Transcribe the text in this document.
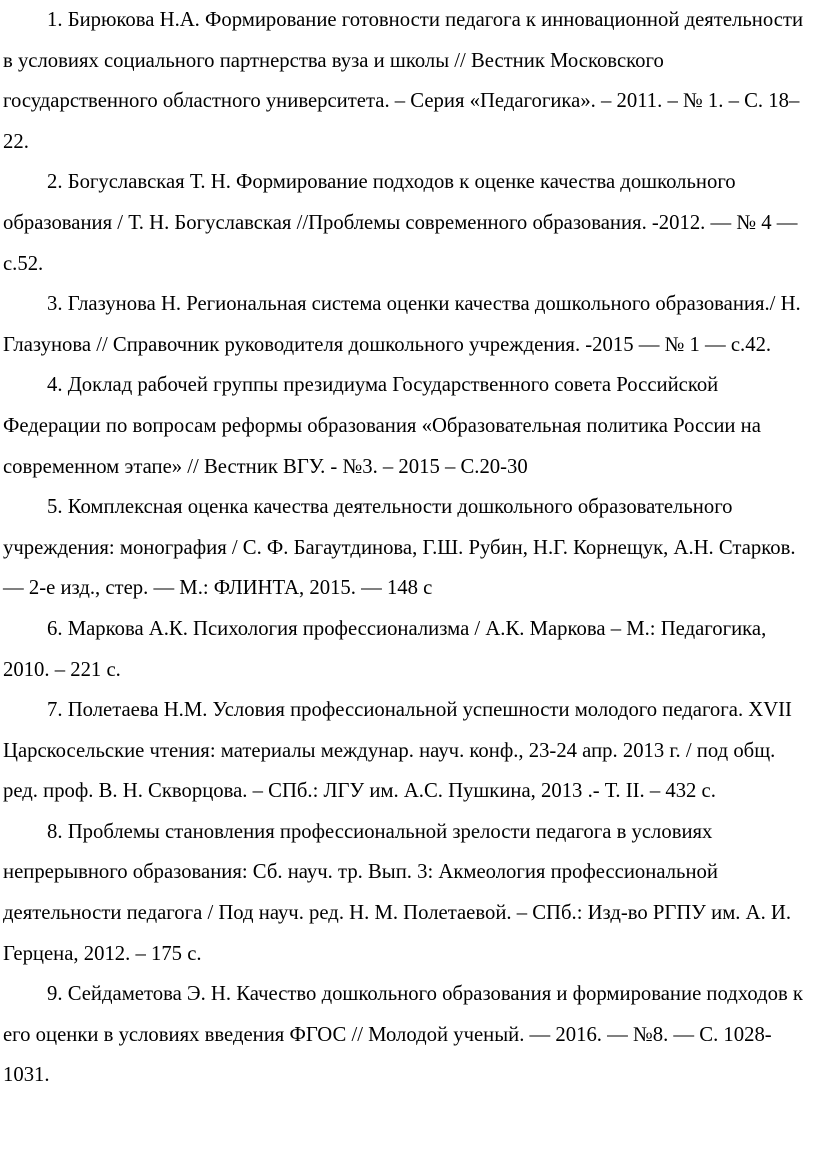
1. Бирюкова Н.А. Формирование готовности педагога к инновационной деятельности в условиях социального партнерства вуза и школы // Вестник Московского государственного областного университета. – Серия «Педагогика». – 2011. – № 1. – С. 18–22.
2. Богуславская Т. Н. Формирование подходов к оценке качества дошкольного образования / Т. Н. Богуславская //Проблемы современного образования. -2012. — № 4 — с.52.
3. Глазунова Н. Региональная система оценки качества дошкольного образования./ Н. Глазунова // Справочник руководителя дошкольного учреждения. -2015 — № 1 — с.42.
4. Доклад рабочей группы президиума Государственного совета Российской Федерации по вопросам реформы образования «Образовательная политика России на современном этапе» // Вестник ВГУ. - №3. – 2015 – С.20-30
5. Комплексная оценка качества деятельности дошкольного образовательного учреждения: монография / С. Ф. Багаутдинова, Г.Ш. Рубин, Н.Г. Корнещук, А.Н. Старков. — 2-е изд., стер. — М.: ФЛИНТА, 2015. — 148 с
6. Маркова А.К. Психология профессионализма / А.К. Маркова – М.: Педагогика, 2010. – 221 с.
7. Полетаева Н.М. Условия профессиональной успешности молодого педагога. XVII Царскосельские чтения: материалы междунар. науч. конф., 23-24 апр. 2013 г. / под общ. ред. проф. В. Н. Скворцова. – СПб.: ЛГУ им. А.С. Пушкина, 2013 .- Т. II. – 432 с.
8. Проблемы становления профессиональной зрелости педагога в условиях непрерывного образования: Сб. науч. тр. Вып. 3: Акмеология профессиональной деятельности педагога / Под науч. ред. Н. М. Полетаевой. – СПб.: Изд-во РГПУ им. А. И. Герцена, 2012. – 175 с.
9. Сейдаметова Э. Н. Качество дошкольного образования и формирование подходов к его оценки в условиях введения ФГОС // Молодой ученый. — 2016. — №8. — С. 1028-1031.
